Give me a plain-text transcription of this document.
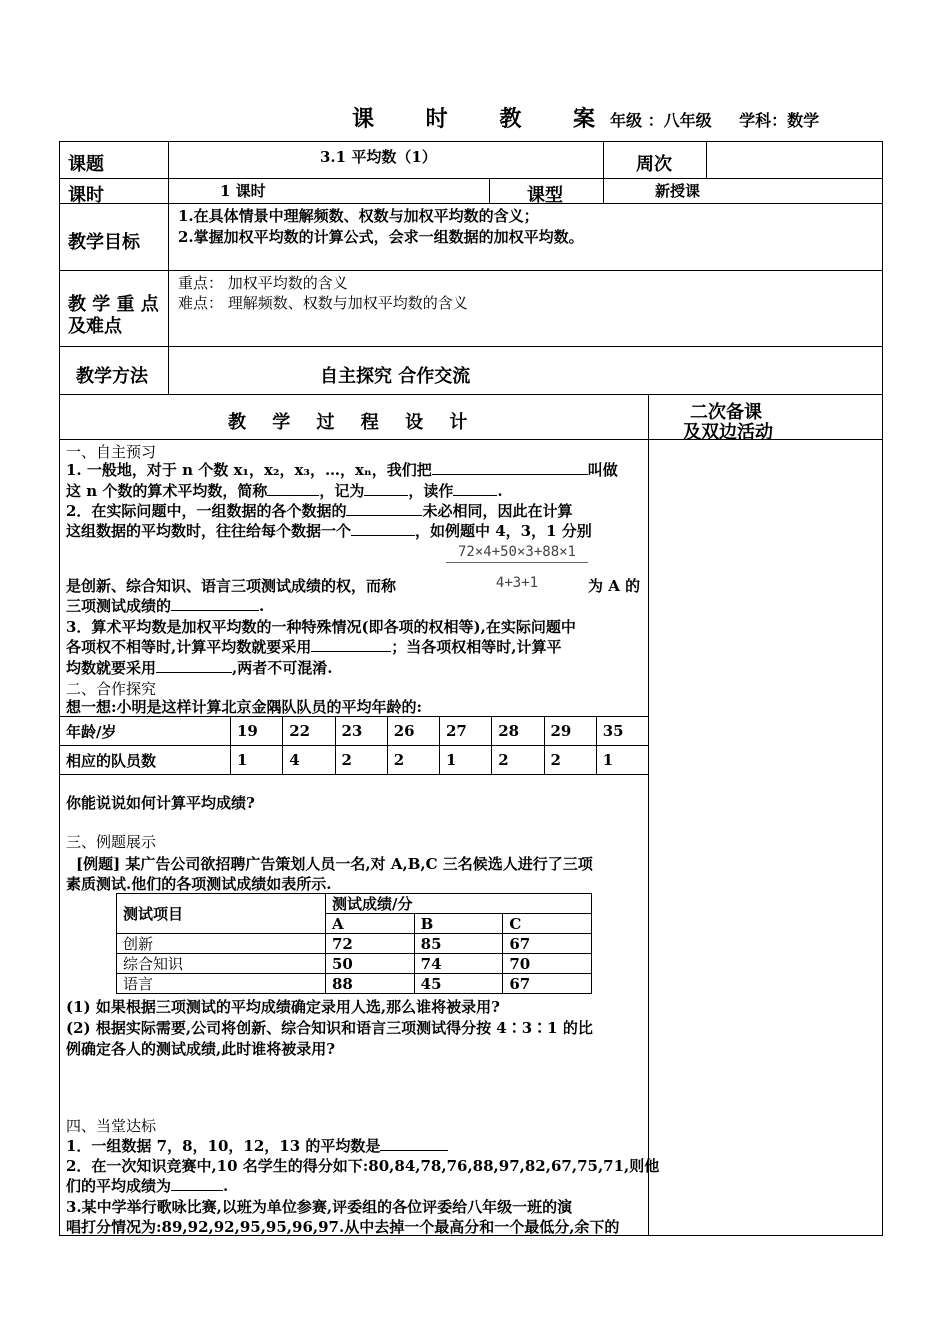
课 时 教 案
年级 ：八年级 学科：数学
课题	3.1 平均数（1）	周次
课时	1 课时	课型	新授课
教学目标
1.在具体情景中理解频数、权数与加权平均数的含义；
2.掌握加权平均数的计算公式，会求一组数据的加权平均数。
教 学 重 点
及难点
重点： 加权平均数的含义
难点： 理解频数、权数与加权平均数的含义
教学方法	自主探究 合作交流
教 学 过 程 设 计	二次备课
及双边活动
一、自主预习
1. 一般地，对于 n 个数 x₁，x₂，x₃，…，xₙ，我们把	叫做
这 n 个数的算术平均数，简称	，记为	，读作	.
2．在实际问题中，一组数据的各个数据的	未必相同，因此在计算
这组数据的平均数时，往往给每个数据一个	，如例题中 4，3，1 分别
$\frac{72\times 4+50\times 3+88\times 1}{4+3+1}$
是创新、综合知识、语言三项测试成绩的权，而称	为 A 的
三项测试成绩的	.
3．算术平均数是加权平均数的一种特殊情况(即各项的权相等),在实际问题中
各项权不相等时,计算平均数就要采用	；当各项权相等时,计算平
均数就要采用	,两者不可混淆.
二、合作探究
想一想:小明是这样计算北京金隅队队员的平均年龄的:
年龄/岁	19	22	23	26	27	28	29	35
相应的队员数	1	4	2	2	1	2	2	1
你能说说如何计算平均成绩?
三、例题展示
[例题] 某广告公司欲招聘广告策划人员一名,对 A,B,C 三名候选人进行了三项
素质测试.他们的各项测试成绩如表所示.
测试项目	测试成绩/分		
	A	B	C
创新	72	85	67
综合知识	50	74	70
语言	88	45	67
(1) 如果根据三项测试的平均成绩确定录用人选,那么谁将被录用?
(2) 根据实际需要,公司将创新、综合知识和语言三项测试得分按 4∶3∶1 的比
例确定各人的测试成绩,此时谁将被录用?
四、当堂达标
1．一组数据 7，8，10，12，13 的平均数是
2．在一次知识竞赛中,10 名学生的得分如下:80,84,78,76,88,97,82,67,75,71,则他
们的平均成绩为	.
3.某中学举行歌咏比赛,以班为单位参赛,评委组的各位评委给八年级一班的演
唱打分情况为:89,92,92,95,95,96,97.从中去掉一个最高分和一个最低分,余下的
